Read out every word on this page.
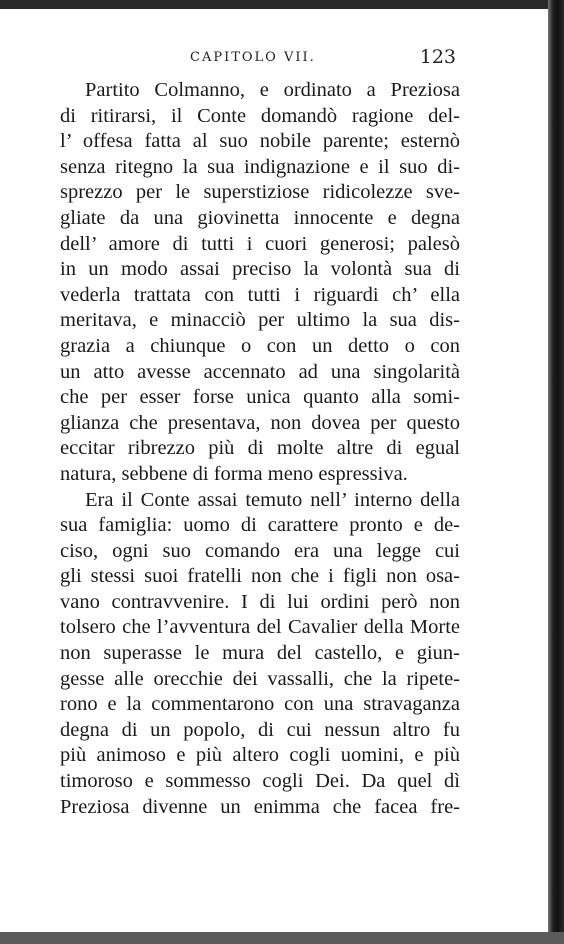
CAPITOLO VII.	123
Partito Colmanno, e ordinato a Preziosa
di ritirarsi, il Conte domandò ragione del-
l’ offesa fatta al suo nobile parente; esternò
senza ritegno la sua indignazione e il suo di-
sprezzo per le superstiziose ridicolezze sve-
gliate da una giovinetta innocente e degna
dell’ amore di tutti i cuori generosi; palesò
in un modo assai preciso la volontà sua di
vederla trattata con tutti i riguardi ch’ ella
meritava, e minacciò per ultimo la sua dis-
grazia a chiunque o con un detto o con
un atto avesse accennato ad una singolarità
che per esser forse unica quanto alla somi-
glianza che presentava, non dovea per questo
eccitar ribrezzo più di molte altre di egual
natura, sebbene di forma meno espressiva.
Era il Conte assai temuto nell’ interno della
sua famiglia: uomo di carattere pronto e de-
ciso, ogni suo comando era una legge cui
gli stessi suoi fratelli non che i figli non osa-
vano contravvenire. I di lui ordini però non
tolsero che l’avventura del Cavalier della Morte
non superasse le mura del castello, e giun-
gesse alle orecchie dei vassalli, che la ripete-
rono e la commentarono con una stravaganza
degna di un popolo, di cui nessun altro fu
più animoso e più altero cogli uomini, e più
timoroso e sommesso cogli Dei. Da quel dì
Preziosa divenne un enimma che facea fre-
